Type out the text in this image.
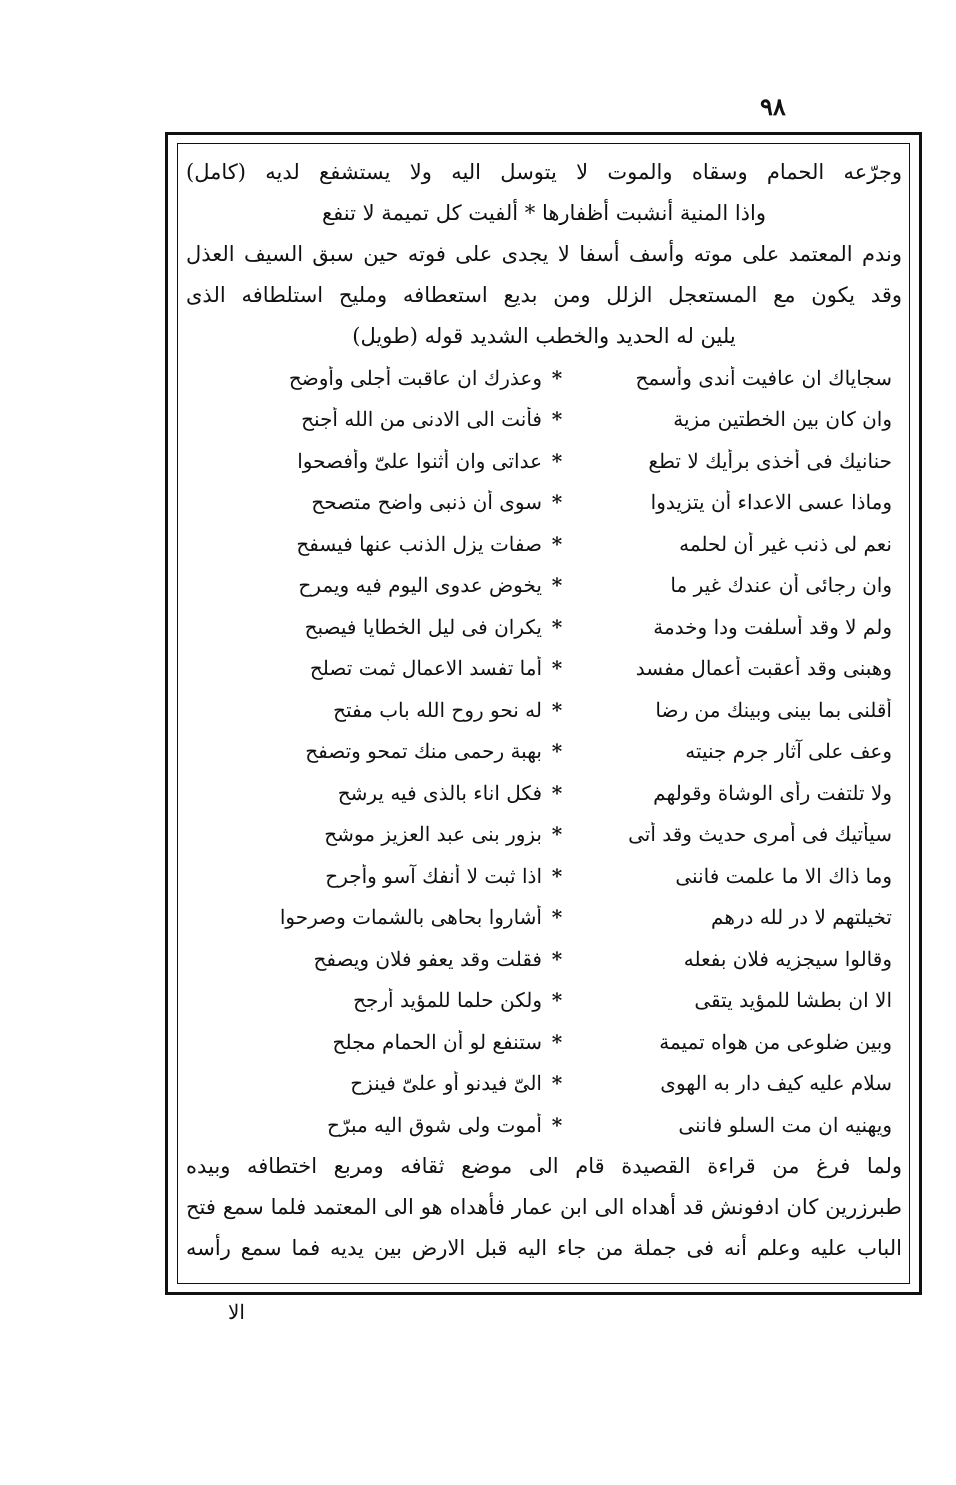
٩٨
وجرّعه الحمام وسقاه والموت لا يتوسل اليه ولا يستشفع لديه (كامل)
واذا المنية أنشبت أظفارها * ألفيت كل تميمة لا تنفع
وندم المعتمد على موته وأسف أسفا لا يجدى على فوته حين سبق السيف العذل
وقد يكون مع المستعجل الزلل ومن بديع استعطافه ومليح استلطافه الذى
يلين له الحديد والخطب الشديد قوله (طويل)
سجاياك ان عافيت أندى وأسمح
*
وعذرك ان عاقبت أجلى وأوضح
وان كان بين الخطتين مزية
*
فأنت الى الادنى من الله أجنح
حنانيك فى أخذى برأيك لا تطع
*
عداتى وان أثنوا علىّ وأفصحوا
وماذا عسى الاعداء أن يتزيدوا
*
سوى أن ذنبى واضح متصحح
نعم لى ذنب غير أن لحلمه
*
صفات يزل الذنب عنها فيسفح
وان رجائى أن عندك غير ما
*
يخوض عدوى اليوم فيه ويمرح
ولم لا وقد أسلفت ودا وخدمة
*
يكران فى ليل الخطايا فيصبح
وهبنى وقد أعقبت أعمال مفسد
*
أما تفسد الاعمال ثمت تصلح
أقلنى بما بينى وبينك من رضا
*
له نحو روح الله باب مفتح
وعف على آثار جرم جنيته
*
بهبة رحمى منك تمحو وتصفح
ولا تلتفت رأى الوشاة وقولهم
*
فكل اناء بالذى فيه يرشح
سيأتيك فى أمرى حديث وقد أتى
*
بزور بنى عبد العزيز موشح
وما ذاك الا ما علمت فاننى
*
اذا ثبت لا أنفك آسو وأجرح
تخيلتهم لا در لله درهم
*
أشاروا بحاهى بالشمات وصرحوا
وقالوا سيجزيه فلان بفعله
*
فقلت وقد يعفو فلان ويصفح
الا ان بطشا للمؤيد يتقى
*
ولكن حلما للمؤيد أرجح
وبين ضلوعى من هواه تميمة
*
ستنفع لو أن الحمام مجلح
سلام عليه كيف دار به الهوى
*
الىّ فيدنو أو علىّ فينزح
ويهنيه ان مت السلو فاننى
*
أموت ولى شوق اليه مبرّح
ولما فرغ من قراءة القصيدة قام الى موضع ثقافه ومربع اختطافه وبيده
طبرزرين كان ادفونش قد أهداه الى ابن عمار فأهداه هو الى المعتمد فلما سمع فتح
الباب عليه وعلم أنه فى جملة من جاء اليه قبل الارض بين يديه فما سمع رأسه
الا
